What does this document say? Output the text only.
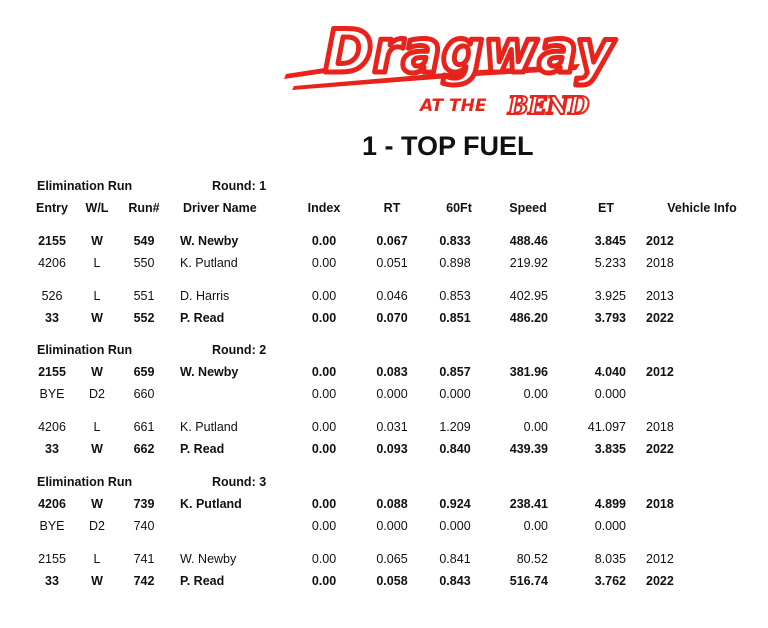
Dragway
AT THE BEND
1 - TOP FUEL
Entry W/L Run# Driver Name	Index	RT	60Ft	Speed	ET	Vehicle Info
Elimination Run	Round: 1
2155 W 549 W. Newby	0.00	0.067	0.833	488.46	3.845 2012
4206 L	550 K. Putland	0.00	0.051	0.898	219.92	5.233 2018
526 L	551 D. Harris	0.00	0.046	0.853	402.95	3.925 2013
33	W 552 P. Read	0.00	0.070	0.851	486.20	3.793 2022
Elimination Run	Round: 2
2155 W 659 W. Newby	0.00	0.083	0.857	381.96	4.040 2012
BYE D2 660	0.00	0.000	0.000	0.00	0.000
4206 L	661 K. Putland	0.00	0.031	1.209	0.00	41.097 2018
33	W 662 P. Read	0.00	0.093	0.840	439.39	3.835 2022
Elimination Run	Round: 3
4206 W 739 K. Putland	0.00	0.088	0.924	238.41	4.899 2018
BYE D2 740	0.00	0.000	0.000	0.00	0.000
2155 L	741 W. Newby	0.00	0.065	0.841	80.52	8.035 2012
33	W 742 P. Read	0.00	0.058	0.843	516.74	3.762 2022
